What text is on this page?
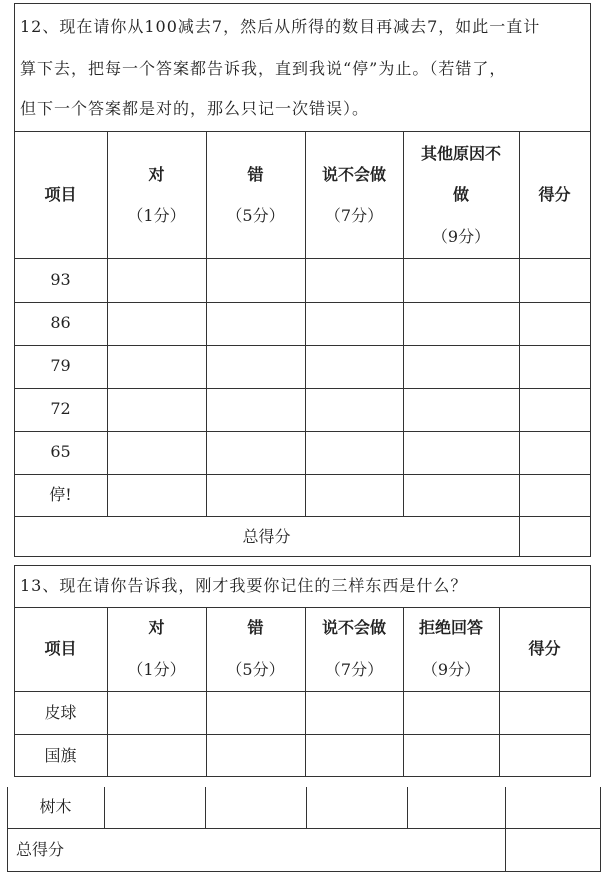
12、现在请你从100减去7，然后从所得的数目再减去7，如此一直计
算下去，把每一个答案都告诉我，直到我说“停”为止。（若错了，
但下一个答案都是对的，那么只记一次错误）。
项目
对
（1分）
错
（5分）
说不会做
（7分）
其他原因不
做
（9分）
得分
93
86
79
72
65
停!
总得分
13、现在请你告诉我，刚才我要你记住的三样东西是什么？
项目
对
（1分）
错
（5分）
说不会做
（7分）
拒绝回答
（9分）
得分
皮球
国旗
树木
总得分
